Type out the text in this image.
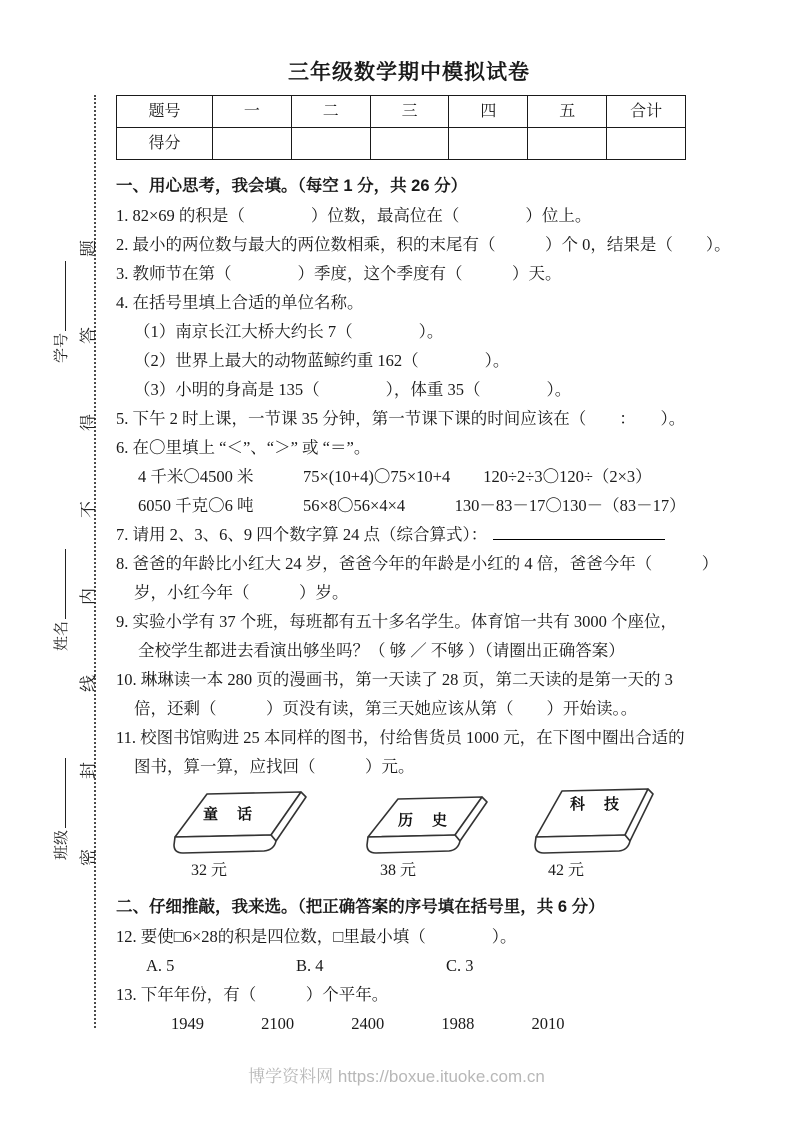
密封线内不得答题
学号
姓名
班级
三年级数学期中模拟试卷
题号	一	二	三	四	五	合计
得分						
一、用心思考，我会填。（每空 1 分，共 26 分）
1. 82×69 的积是（　　　　）位数，最高位在（　　　　）位上。
2. 最小的两位数与最大的两位数相乘，积的末尾有（　　　）个 0，结果是（　　）。
3. 教师节在第（　　　　）季度，这个季度有（　　　）天。
4. 在括号里填上合适的单位名称。
（1）南京长江大桥大约长 7（　　　　）。
（2）世界上最大的动物蓝鲸约重 162（　　　　）。
（3）小明的身高是 135（　　　　），体重 35（　　　　）。
5. 下午 2 时上课，一节课 35 分钟，第一节课下课的时间应该在（　　：　　）。
6. 在〇里填上 “＜”、“＞” 或 “＝”。
4 千米〇4500 米　　　75×(10+4)〇75×10+4　　120÷2÷3〇120÷（2×3）
6050 千克〇6 吨　　　56×8〇56×4×4　　　130－83－17〇130－（83－17）
7. 请用 2、3、6、9 四个数字算 24 点（综合算式）：
8. 爸爸的年龄比小红大 24 岁，爸爸今年的年龄是小红的 4 倍，爸爸今年（　　　）
岁，小红今年（　　　）岁。
9. 实验小学有 37 个班，每班都有五十多名学生。体育馆一共有 3000 个座位，
全校学生都进去看演出够坐吗？（ 够 ／ 不够 ）（请圈出正确答案）
10. 琳琳读一本 280 页的漫画书，第一天读了 28 页，第二天读的是第一天的 3
倍，还剩（　　　）页没有读，第三天她应该从第（　　）开始读。。
11. 校图书馆购进 25 本同样的图书，付给售货员 1000 元，在下图中圈出合适的
图书，算一算，应找回（　　　）元。
童　话
32 元
历　史
38 元
科　技
42 元
二、仔细推敲，我来选。（把正确答案的序号填在括号里，共 6 分）
12. 要使□6×28的积是四位数，□里最小填（　　　　）。
A. 5	B. 4	C. 3
13. 下年年份，有（　　　）个平年。
1949	2100	2400	1988	2010
博学资料网 https://boxue.ituoke.com.cn
